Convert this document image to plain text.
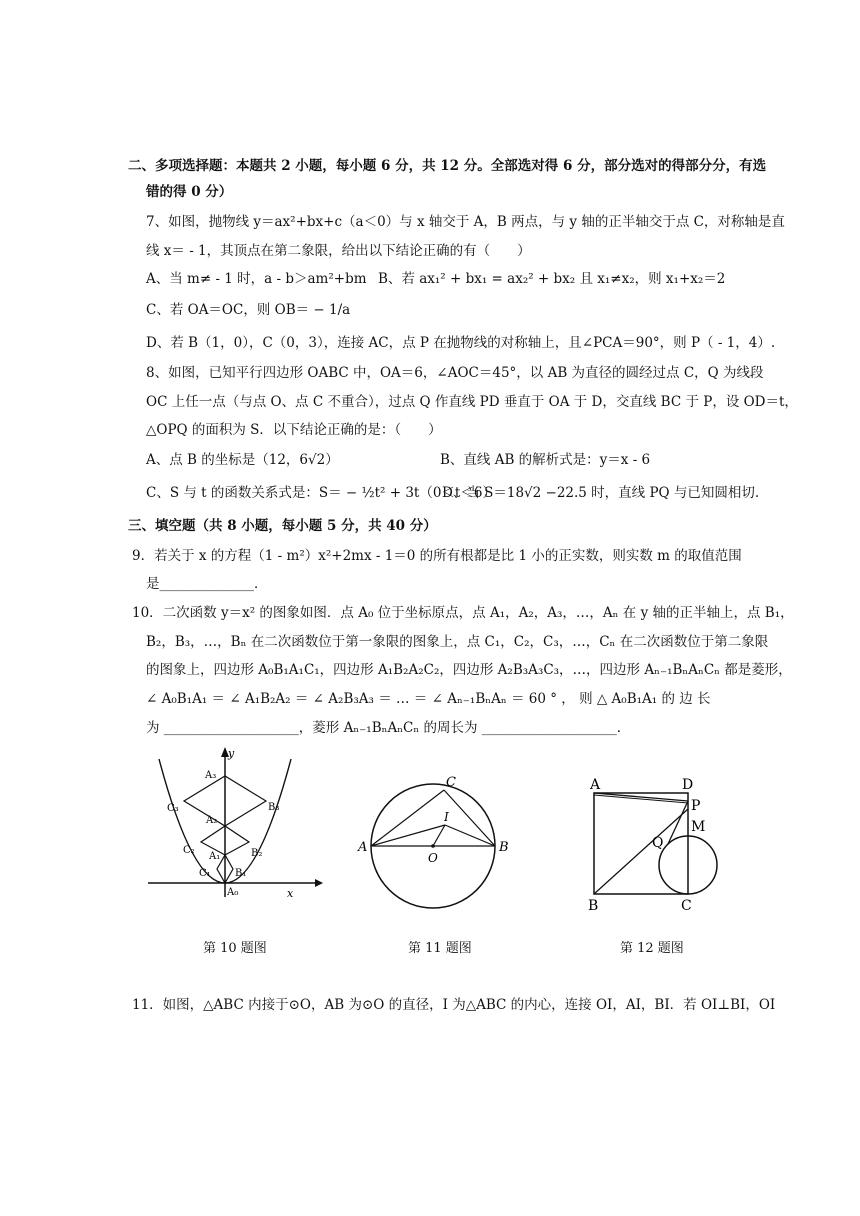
二、多项选择题：本题共 2 小题，每小题 6 分，共 12 分。全部选对得 6 分，部分选对的得部分分，有选
错的得 0 分）
7、如图，抛物线 y＝ax²+bx+c（a＜0）与 x 轴交于 A，B 两点，与 y 轴的正半轴交于点 C，对称轴是直
线 x＝ - 1，其顶点在第二象限，给出以下结论正确的有（　　）
A、当 m≠ - 1 时，a - b＞am²+bm B、若 ax₁² + bx₁ = ax₂² + bx₂ 且 x₁≠x₂，则 x₁+x₂＝2
C、若 OA＝OC，则 OB＝ − 1/a
D、若 B（1，0），C（0，3），连接 AC，点 P 在抛物线的对称轴上，且∠PCA＝90°，则 P（ - 1，4）.
8、如图，已知平行四边形 OABC 中，OA＝6，∠AOC＝45°，以 AB 为直径的圆经过点 C，Q 为线段
OC 上任一点（与点 O、点 C 不重合），过点 Q 作直线 PD 垂直于 OA 于 D，交直线 BC 于 P，设 OD＝t，
△OPQ 的面积为 S．以下结论正确的是：（　　）
A、点 B 的坐标是（12，6√2）	B、直线 AB 的解析式是：y＝x - 6
C、S 与 t 的函数关系式是：S＝ − ½t² + 3t（0＜t＜6）
D、当 S＝18√2 −22.5 时，直线 PQ 与已知圆相切.
三、填空题（共 8 小题，每小题 5 分，共 40 分）
9．若关于 x 的方程（1 - m²）x²+2mx - 1＝0 的所有根都是比 1 小的正实数，则实数 m 的取值范围
是______________．
10．二次函数 y＝x² 的图象如图．点 A₀ 位于坐标原点，点 A₁，A₂，A₃，…，Aₙ 在 y 轴的正半轴上，点 B₁，
B₂，B₃，…，Bₙ 在二次函数位于第一象限的图象上，点 C₁，C₂，C₃，…，Cₙ 在二次函数位于第二象限
的图象上，四边形 A₀B₁A₁C₁，四边形 A₁B₂A₂C₂，四边形 A₂B₃A₃C₃，…，四边形 Aₙ₋₁BₙAₙCₙ 都是菱形，
∠ A₀B₁A₁ ＝ ∠ A₁B₂A₂ ＝ ∠ A₂B₃A₃ ＝ … ＝ ∠ Aₙ₋₁BₙAₙ ＝ 60 ° ， 则 △ A₀B₁A₁ 的 边 长
为 ____________________，菱形 Aₙ₋₁BₙAₙCₙ 的周长为 ____________________．
y
x
A₃
A₂
A₁
A₀
B₃
B₂
B₁
C₃
C₂
C₁
第 10 题图
A	B
C
I
O
第 11 题图
A	D
P
M
Q
B	C
第 12 题图
11．如图，△ABC 内接于⊙O，AB 为⊙O 的直径，I 为△ABC 的内心，连接 OI，AI，BI．若 OI⊥BI，OI
